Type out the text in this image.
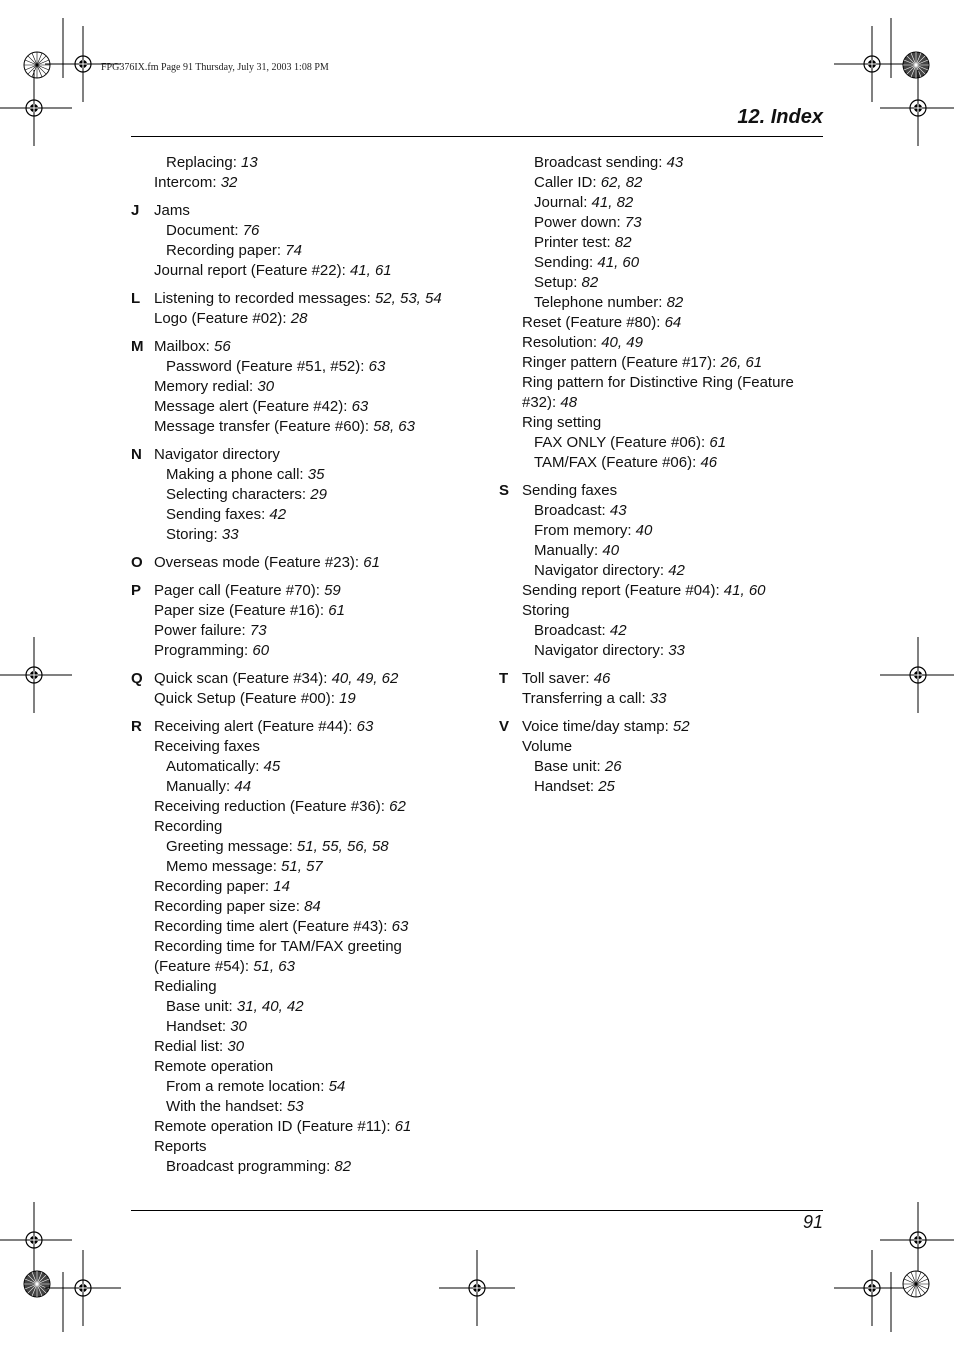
FPG376IX.fm Page 91 Thursday, July 31, 2003 1:08 PM
12. Index
Replacing: 13
Intercom: 32
J Jams
Document: 76
Recording paper: 74
Journal report (Feature #22): 41, 61
L Listening to recorded messages: 52, 53, 54
Logo (Feature #02): 28
M Mailbox: 56
Password (Feature #51, #52): 63
Memory redial: 30
Message alert (Feature #42): 63
Message transfer (Feature #60): 58, 63
N Navigator directory
Making a phone call: 35
Selecting characters: 29
Sending faxes: 42
Storing: 33
O Overseas mode (Feature #23): 61
P Pager call (Feature #70): 59
Paper size (Feature #16): 61
Power failure: 73
Programming: 60
Q Quick scan (Feature #34): 40, 49, 62
Quick Setup (Feature #00): 19
R Receiving alert (Feature #44): 63
Receiving faxes
Automatically: 45
Manually: 44
Receiving reduction (Feature #36): 62
Recording
Greeting message: 51, 55, 56, 58
Memo message: 51, 57
Recording paper: 14
Recording paper size: 84
Recording time alert (Feature #43): 63
Recording time for TAM/FAX greeting
(Feature #54): 51, 63
Redialing
Base unit: 31, 40, 42
Handset: 30
Redial list: 30
Remote operation
From a remote location: 54
With the handset: 53
Remote operation ID (Feature #11): 61
Reports
Broadcast programming: 82
Broadcast sending: 43
Caller ID: 62, 82
Journal: 41, 82
Power down: 73
Printer test: 82
Sending: 41, 60
Setup: 82
Telephone number: 82
Reset (Feature #80): 64
Resolution: 40, 49
Ringer pattern (Feature #17): 26, 61
Ring pattern for Distinctive Ring (Feature
#32): 48
Ring setting
FAX ONLY (Feature #06): 61
TAM/FAX (Feature #06): 46
S Sending faxes
Broadcast: 43
From memory: 40
Manually: 40
Navigator directory: 42
Sending report (Feature #04): 41, 60
Storing
Broadcast: 42
Navigator directory: 33
T Toll saver: 46
Transferring a call: 33
V Voice time/day stamp: 52
Volume
Base unit: 26
Handset: 25
91
